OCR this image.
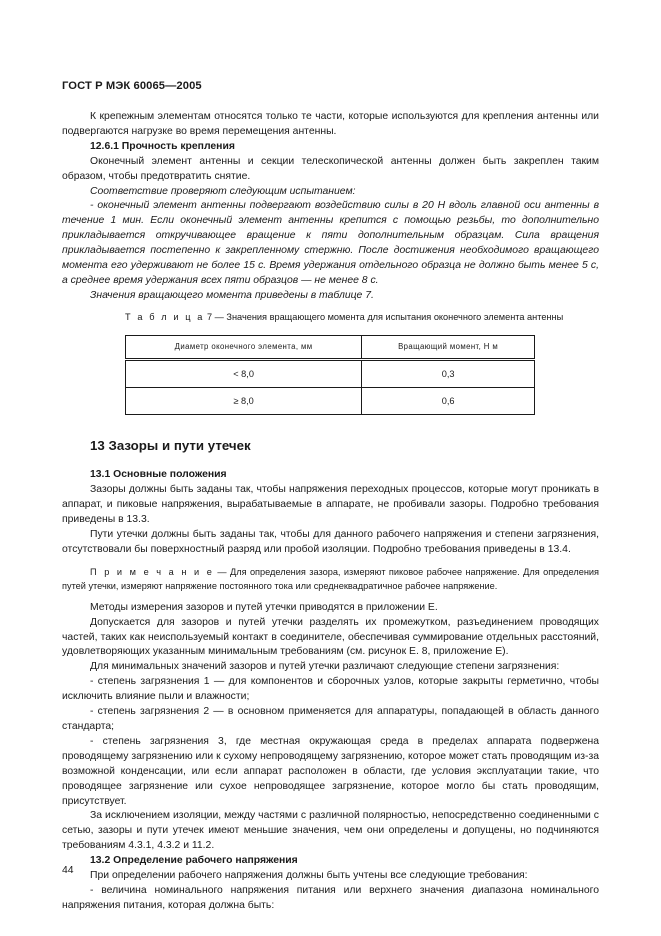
ГОСТ Р МЭК 60065—2005

К крепежным элементам относятся только те части, которые используются для крепления антенны или подвергаются нагрузке во время перемещения антенны.

12.6.1 Прочность крепления

Оконечный элемент антенны и секции телескопической антенны должен быть закреплен таким образом, чтобы предотвратить снятие.

Соответствие проверяют следующим испытанием:

- оконечный элемент антенны подвергают воздействию силы в 20 Н вдоль главной оси антенны в течение 1 мин. Если оконечный элемент антенны крепится с помощью резьбы, то дополнительно прикладывается откручивающее вращение к пяти дополнительным образцам. Сила вращения прикладывается постепенно к закрепленному стержню. После достижения необходимого вращающего момента его удерживают не более 15 с. Время удержания отдельного образца не должно быть менее 5 с, а среднее время удержания всех пяти образцов — не менее 8 с.

Значения вращающего момента приведены в таблице 7.

Т а б л и ц а 7 — Значения вращающего момента для испытания оконечного элемента антенны
Диаметр оконечного элемента, мм	Вращающий момент, Н м
< 8,0	0,3
≥ 8,0	0,6
13 Зазоры и пути утечек

13.1 Основные положения

Зазоры должны быть заданы так, чтобы напряжения переходных процессов, которые могут проникать в аппарат, и пиковые напряжения, вырабатываемые в аппарате, не пробивали зазоры. Подробно требования приведены в 13.3.

Пути утечки должны быть заданы так, чтобы для данного рабочего напряжения и степени загрязнения, отсутствовали бы поверхностный разряд или пробой изоляции. Подробно требования приведены в 13.4.

П р и м е ч а н и е — Для определения зазора, измеряют пиковое рабочее напряжение. Для определения путей утечки, измеряют напряжение постоянного тока или среднеквадратичное рабочее напряжение.

Методы измерения зазоров и путей утечки приводятся в приложении Е.

Допускается для зазоров и путей утечки разделять их промежутком, разъединением проводящих частей, таких как неиспользуемый контакт в соединителе, обеспечивая суммирование отдельных расстояний, удовлетворяющих указанным минимальным требованиям (см. рисунок Е. 8, приложение Е).

Для минимальных значений зазоров и путей утечки различают следующие степени загрязнения:

- степень загрязнения 1 — для компонентов и сборочных узлов, которые закрыты герметично, чтобы исключить влияние пыли и влажности;

- степень загрязнения 2 — в основном применяется для аппаратуры, попадающей в область данного стандарта;

- степень загрязнения 3, где местная окружающая среда в пределах аппарата подвержена проводящему загрязнению или к сухому непроводящему загрязнению, которое может стать проводящим из-за возможной конденсации, или если аппарат расположен в области, где условия эксплуатации такие, что проводящее загрязнение или сухое непроводящее загрязнение, которое могло бы стать проводящим, присутствует.

За исключением изоляции, между частями с различной полярностью, непосредственно соединенными с сетью, зазоры и пути утечек имеют меньшие значения, чем они определены и допущены, но подчиняются требованиям 4.3.1, 4.3.2 и 11.2.

13.2 Определение рабочего напряжения

При определении рабочего напряжения должны быть учтены все следующие требования:

- величина номинального напряжения питания или верхнего значения диапазона номинального напряжения питания, которая должна быть:

44
